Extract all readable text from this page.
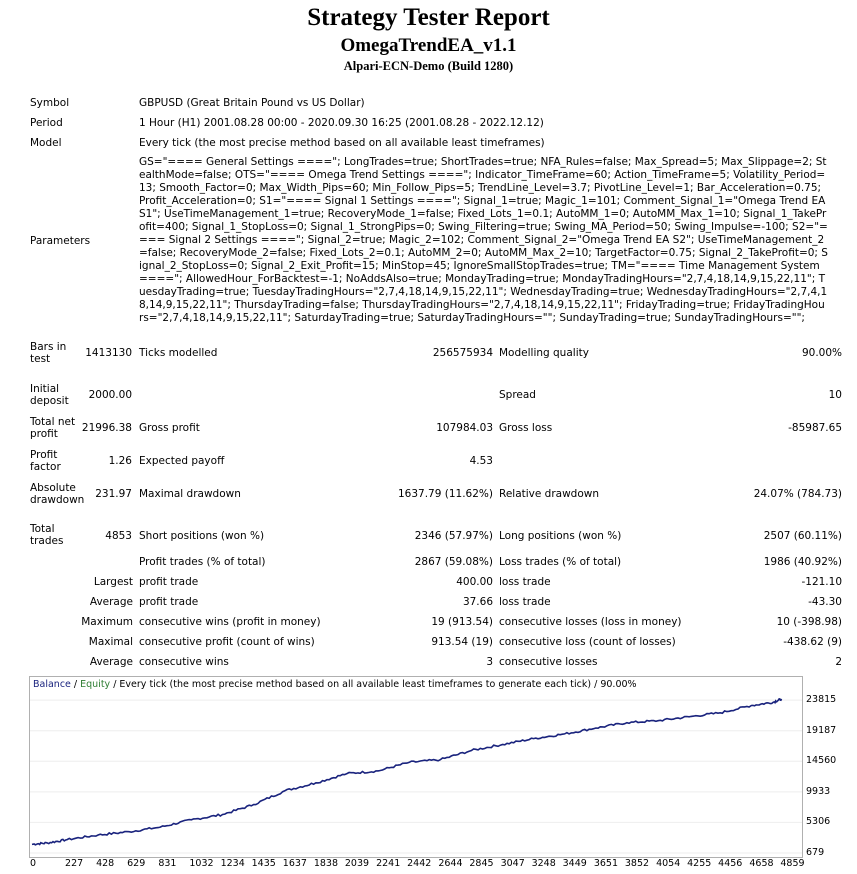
Strategy Tester Report
OmegaTrendEA_v1.1
Alpari-ECN-Demo (Build 1280)
Symbol	GBPUSD (Great Britain Pound vs US Dollar)
Period	1 Hour (H1) 2001.08.28 00:00 - 2020.09.30 16:25 (2001.08.28 - 2022.12.12)
Model	Every tick (the most precise method based on all available least timeframes)
Parameters
GS="==== General Settings ===="; LongTrades=true; ShortTrades=true; NFA_Rules=false; Max_Spread=5; Max_Slippage=2; StealthMode=false; OTS="==== Omega Trend Settings ===="; Indicator_TimeFrame=60; Action_TimeFrame=5; Volatility_Period=13; Smooth_Factor=0; Max_Width_Pips=60; Min_Follow_Pips=5; TrendLine_Level=3.7; PivotLine_Level=1; Bar_Acceleration=0.75; Profit_Acceleration=0; S1="==== Signal 1 Settings ===="; Signal_1=true; Magic_1=101; Comment_Signal_1="Omega Trend EA S1"; UseTimeManagement_1=true; RecoveryMode_1=false; Fixed_Lots_1=0.1; AutoMM_1=0; AutoMM_Max_1=10; Signal_1_TakeProfit=400; Signal_1_StopLoss=0; Signal_1_StrongPips=0; Swing_Filtering=true; Swing_MA_Period=50; Swing_Impulse=-100; S2="==== Signal 2 Settings ===="; Signal_2=true; Magic_2=102; Comment_Signal_2="Omega Trend EA S2"; UseTimeManagement_2=false; RecoveryMode_2=false; Fixed_Lots_2=0.1; AutoMM_2=0; AutoMM_Max_2=10; TargetFactor=0.75; Signal_2_TakeProfit=0; Signal_2_StopLoss=0; Signal_2_Exit_Profit=15; MinStop=45; IgnoreSmallStopTrades=true; TM="==== Time Management System ===="; AllowedHour_ForBacktest=-1; NoAddsAlso=true; MondayTrading=true; MondayTradingHours="2,7,4,18,14,9,15,22,11"; TuesdayTrading=true; TuesdayTradingHours="2,7,4,18,14,9,15,22,11"; WednesdayTrading=true; WednesdayTradingHours="2,7,4,18,14,9,15,22,11"; ThursdayTrading=false; ThursdayTradingHours="2,7,4,18,14,9,15,22,11"; FridayTrading=true; FridayTradingHours="2,7,4,18,14,9,15,22,11"; SaturdayTrading=true; SaturdayTradingHours=""; SundayTrading=true; SundayTradingHours="";
Bars in test	1413130 Ticks modelled	256575934 Modelling quality	90.00%
Initial deposit	2000.00	Spread	10
Total net profit	21996.38 Gross profit	107984.03 Gross loss	-85987.65
Profit factor	1.26 Expected payoff	4.53
Absolute drawdown	231.97 Maximal drawdown	1637.79 (11.62%) Relative drawdown	24.07% (784.73)
Total trades	4853 Short positions (won %)	2346 (57.97%) Long positions (won %)	2507 (60.11%)
Profit trades (% of total)	2867 (59.08%) Loss trades (% of total)	1986 (40.92%)
Largest profit trade	400.00 loss trade	-121.10
Average profit trade	37.66 loss trade	-43.30
Maximum consecutive wins (profit in money)	19 (913.54) consecutive losses (loss in money)	10 (-398.98)
Maximal consecutive profit (count of wins)	913.54 (19) consecutive loss (count of losses)	-438.62 (9)
Average consecutive wins	3 consecutive losses	2
Balance / Equity / Every tick (the most precise method based on all available least timeframes to generate each tick) / 90.00%
23815
19187
14560
9933
5306
679
0	227 428 629 831 1032 1234 1435 1637 1838 2039 2241 2442 2644 2845 3047 3248 3449 3651 3852 4054 4255 4456 4658 4859
